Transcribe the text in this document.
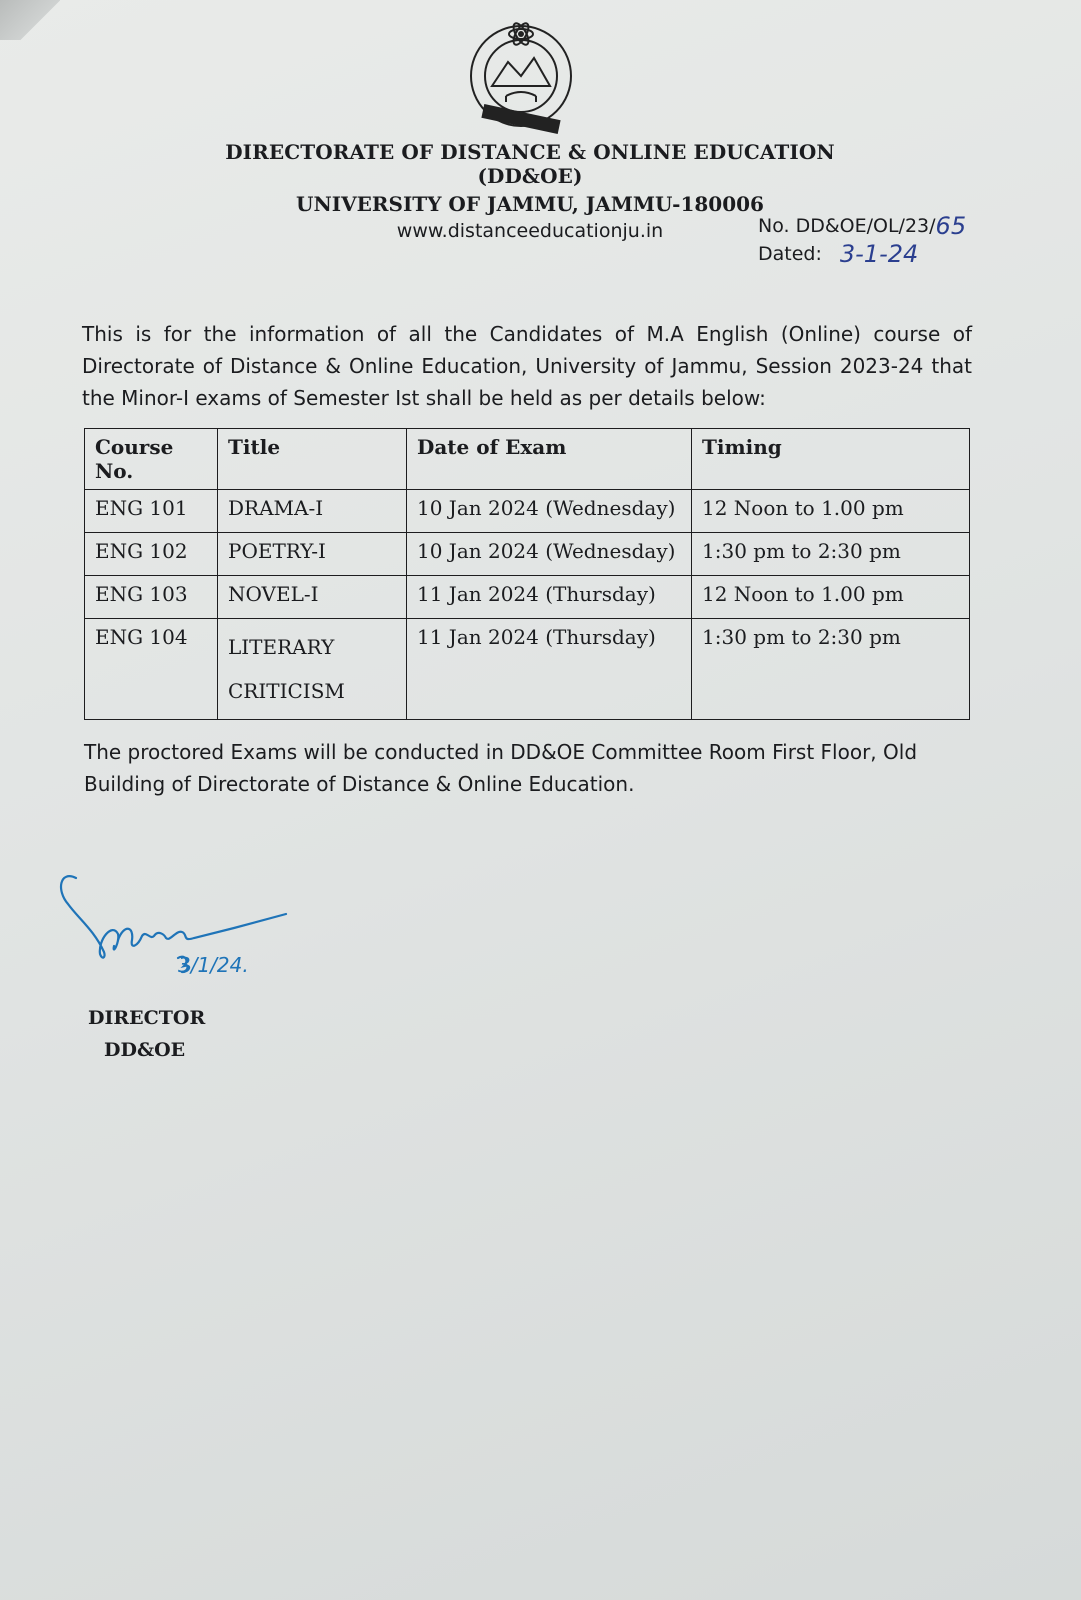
DIRECTORATE OF DISTANCE & ONLINE EDUCATION (DD&OE)
UNIVERSITY OF JAMMU, JAMMU-180006
www.distanceeducationju.in	No. DD&OE/OL/23/ 65
Dated: 3-1-24
This is for the information of all the Candidates of M.A English (Online) course of Directorate of Distance & Online Education, University of Jammu, Session 2023-24 that the Minor-I exams of Semester Ist shall be held as per details below:
Course No.	Title	Date of Exam	Timing
ENG 101	DRAMA-I	10 Jan 2024 (Wednesday)	12 Noon to 1.00 pm
ENG 102	POETRY-I	10 Jan 2024 (Wednesday)	1:30 pm to 2:30 pm
ENG 103	NOVEL-I	11 Jan 2024 (Thursday)	12 Noon to 1.00 pm
ENG 104	LITERARY CRITICISM	11 Jan 2024 (Thursday)	1:30 pm to 2:30 pm
The proctored Exams will be conducted in DD&OE Committee Room First Floor, Old Building of Directorate of Distance & Online Education.
3/1/24.
DIRECTOR
DD&OE
